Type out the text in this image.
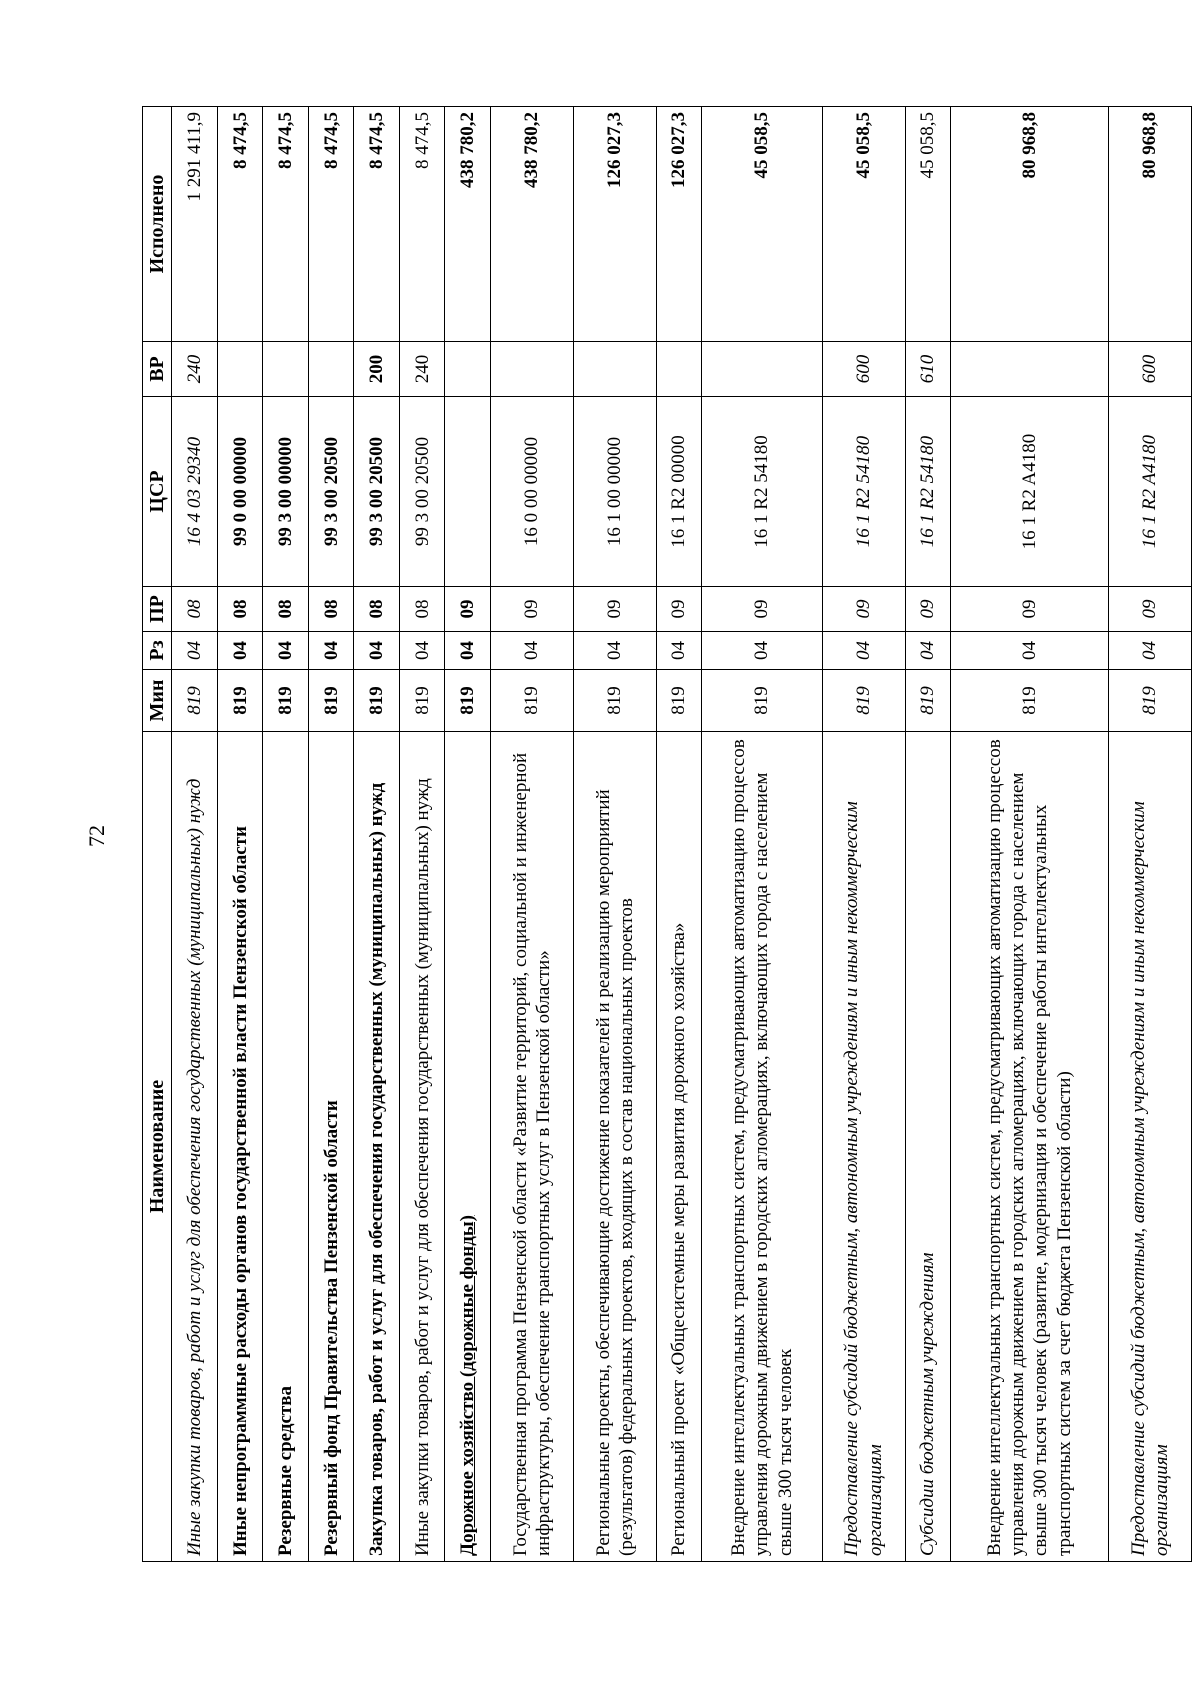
72
Наименование	Мин	Рз	ПР	ЦСР	ВР	Исполнено
Иные закупки товаров, работ и услуг для обеспечения государственных (муниципальных) нужд	819	04	08	16 4 03 29340	240	1 291 411,9
Иные непрограммные расходы органов государственной власти Пензенской области	819	04	08	99 0 00 00000		8 474,5
Резервные средства	819	04	08	99 3 00 00000		8 474,5
Резервный фонд Правительства Пензенской области	819	04	08	99 3 00 20500		8 474,5
Закупка товаров, работ и услуг для обеспечения государственных (муниципальных) нужд	819	04	08	99 3 00 20500	200	8 474,5
Иные закупки товаров, работ и услуг для обеспечения государственных (муниципальных) нужд	819	04	08	99 3 00 20500	240	8 474,5
Дорожное хозяйство (дорожные фонды)	819	04	09			438 780,2
Государственная программа Пензенской области «Развитие территорий, социальной и инженерной инфраструктуры, обеспечение транспортных услуг в Пензенской области»	819	04	09	16 0 00 00000		438 780,2
Региональные проекты, обеспечивающие достижение показателей и реализацию мероприятий (результатов) федеральных проектов, входящих в состав национальных проектов	819	04	09	16 1 00 00000		126 027,3
Региональный проект «Общесистемные меры развития дорожного хозяйства»	819	04	09	16 1 R2 00000		126 027,3
Внедрение интеллектуальных транспортных систем, предусматривающих автоматизацию процессов управления дорожным движением в городских агломерациях, включающих города с населением свыше 300 тысяч человек	819	04	09	16 1 R2 54180		45 058,5
Предоставление субсидий бюджетным, автономным учреждениям и иным некоммерческим организациям	819	04	09	16 1 R2 54180	600	45 058,5
Субсидии бюджетным учреждениям	819	04	09	16 1 R2 54180	610	45 058,5
Внедрение интеллектуальных транспортных систем, предусматривающих автоматизацию процессов управления дорожным движением в городских агломерациях, включающих города с населением свыше 300 тысяч человек (развитие, модернизация и обеспечение работы интеллектуальных транспортных систем за счет бюджета Пензенской области)	819	04	09	16 1 R2 A4180		80 968,8
Предоставление субсидий бюджетным, автономным учреждениям и иным некоммерческим организациям	819	04	09	16 1 R2 A4180	600	80 968,8
